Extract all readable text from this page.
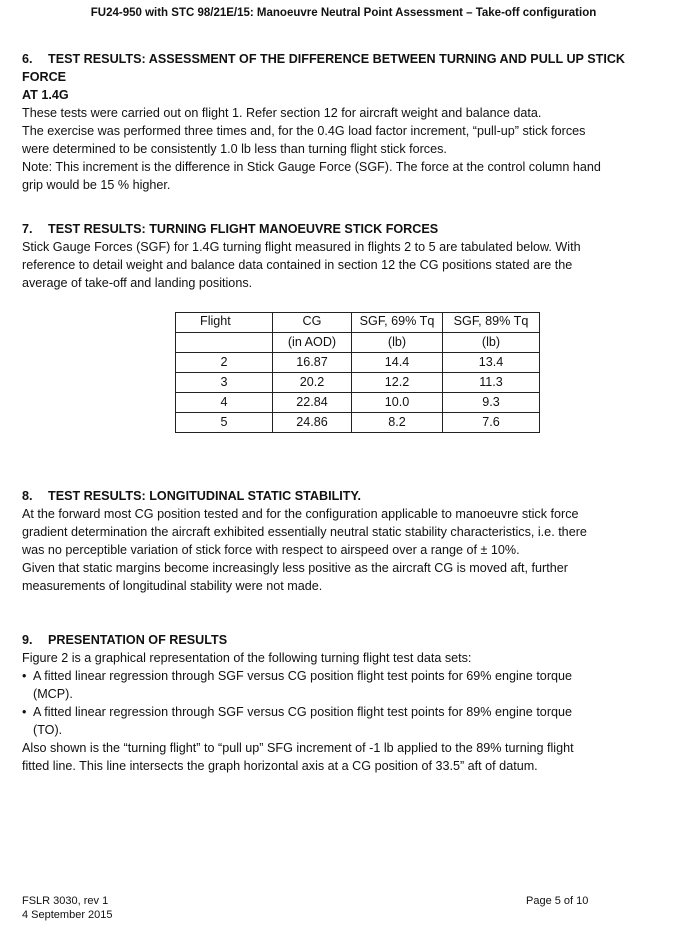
FU24-950 with STC 98/21E/15: Manoeuvre Neutral Point Assessment – Take-off configuration
6. TEST RESULTS: ASSESSMENT OF THE DIFFERENCE BETWEEN TURNING AND PULL UP STICK FORCE
AT 1.4G

These tests were carried out on flight 1. Refer section 12 for aircraft weight and balance data.

The exercise was performed three times and, for the 0.4G load factor increment, “pull-up” stick forces

were determined to be consistently 1.0 lb less than turning flight stick forces.

Note: This increment is the difference in Stick Gauge Force (SGF). The force at the control column hand

grip would be 15 % higher.

7. TEST RESULTS: TURNING FLIGHT MANOEUVRE STICK FORCES

Stick Gauge Forces (SGF) for 1.4G turning flight measured in flights 2 to 5 are tabulated below. With

reference to detail weight and balance data contained in section 12 the CG positions stated are the

average of take-off and landing positions.

Flight	CG	SGF, 69% Tq	SGF, 89% Tq
	(in AOD)	(lb)	(lb)
2	16.87	14.4	13.4
3	20.2	12.2	11.3
4	22.84	10.0	9.3
5	24.86	8.2	7.6
8. TEST RESULTS: LONGITUDINAL STATIC STABILITY.

At the forward most CG position tested and for the configuration applicable to manoeuvre stick force

gradient determination the aircraft exhibited essentially neutral static stability characteristics, i.e. there

was no perceptible variation of stick force with respect to airspeed over a range of ± 10%.

Given that static margins become increasingly less positive as the aircraft CG is moved aft, further

measurements of longitudinal stability were not made.

9. PRESENTATION OF RESULTS

Figure 2 is a graphical representation of the following turning flight test data sets:

• A fitted linear regression through SGF versus CG position flight test points for 69% engine torque
(MCP).
• A fitted linear regression through SGF versus CG position flight test points for 89% engine torque
(TO).

Also shown is the “turning flight” to “pull up” SFG increment of -1 lb applied to the 89% turning flight

fitted line. This line intersects the graph horizontal axis at a CG position of 33.5” aft of datum.

FSLR 3030, rev 1
4 September 2015
Page 5 of 10
